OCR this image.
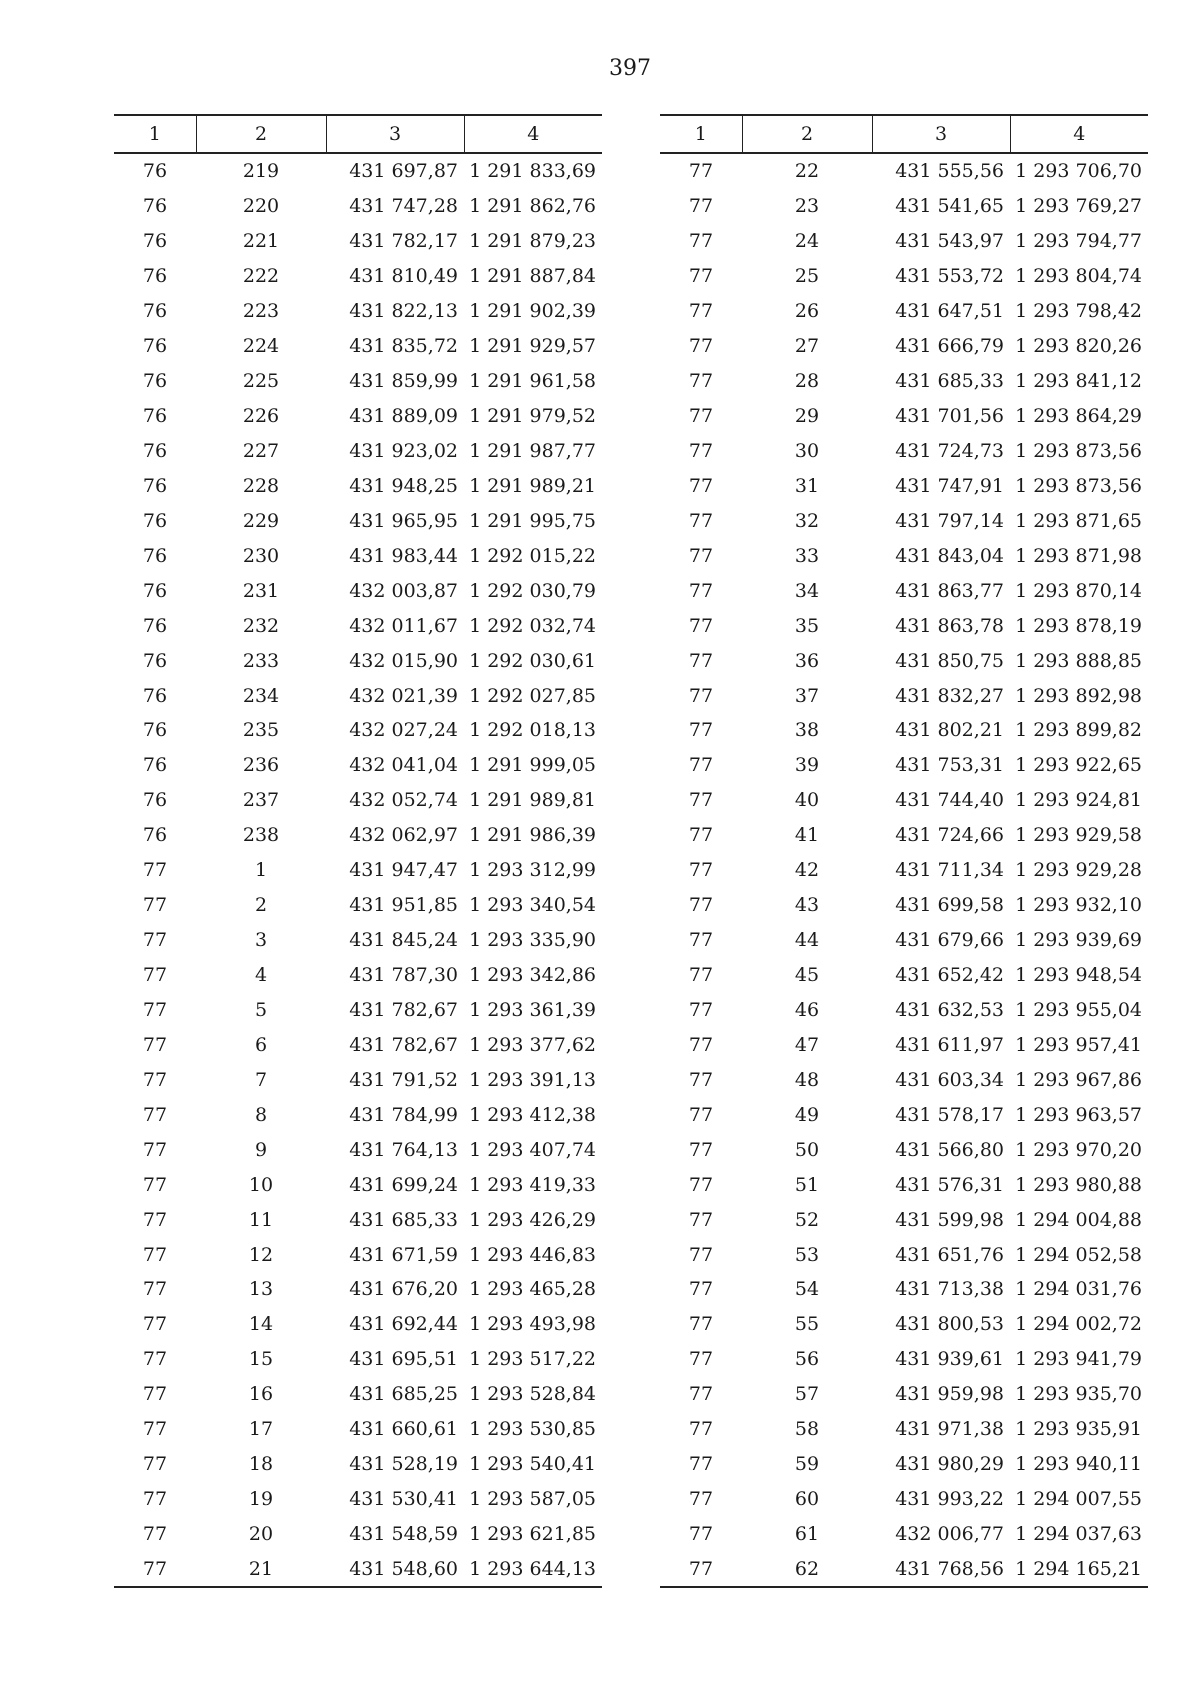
397
1	2	3	4
76	219	431 697,87	1 291 833,69
76	220	431 747,28	1 291 862,76
76	221	431 782,17	1 291 879,23
76	222	431 810,49	1 291 887,84
76	223	431 822,13	1 291 902,39
76	224	431 835,72	1 291 929,57
76	225	431 859,99	1 291 961,58
76	226	431 889,09	1 291 979,52
76	227	431 923,02	1 291 987,77
76	228	431 948,25	1 291 989,21
76	229	431 965,95	1 291 995,75
76	230	431 983,44	1 292 015,22
76	231	432 003,87	1 292 030,79
76	232	432 011,67	1 292 032,74
76	233	432 015,90	1 292 030,61
76	234	432 021,39	1 292 027,85
76	235	432 027,24	1 292 018,13
76	236	432 041,04	1 291 999,05
76	237	432 052,74	1 291 989,81
76	238	432 062,97	1 291 986,39
77	1	431 947,47	1 293 312,99
77	2	431 951,85	1 293 340,54
77	3	431 845,24	1 293 335,90
77	4	431 787,30	1 293 342,86
77	5	431 782,67	1 293 361,39
77	6	431 782,67	1 293 377,62
77	7	431 791,52	1 293 391,13
77	8	431 784,99	1 293 412,38
77	9	431 764,13	1 293 407,74
77	10	431 699,24	1 293 419,33
77	11	431 685,33	1 293 426,29
77	12	431 671,59	1 293 446,83
77	13	431 676,20	1 293 465,28
77	14	431 692,44	1 293 493,98
77	15	431 695,51	1 293 517,22
77	16	431 685,25	1 293 528,84
77	17	431 660,61	1 293 530,85
77	18	431 528,19	1 293 540,41
77	19	431 530,41	1 293 587,05
77	20	431 548,59	1 293 621,85
77	21	431 548,60	1 293 644,13
1	2	3	4
77	22	431 555,56	1 293 706,70
77	23	431 541,65	1 293 769,27
77	24	431 543,97	1 293 794,77
77	25	431 553,72	1 293 804,74
77	26	431 647,51	1 293 798,42
77	27	431 666,79	1 293 820,26
77	28	431 685,33	1 293 841,12
77	29	431 701,56	1 293 864,29
77	30	431 724,73	1 293 873,56
77	31	431 747,91	1 293 873,56
77	32	431 797,14	1 293 871,65
77	33	431 843,04	1 293 871,98
77	34	431 863,77	1 293 870,14
77	35	431 863,78	1 293 878,19
77	36	431 850,75	1 293 888,85
77	37	431 832,27	1 293 892,98
77	38	431 802,21	1 293 899,82
77	39	431 753,31	1 293 922,65
77	40	431 744,40	1 293 924,81
77	41	431 724,66	1 293 929,58
77	42	431 711,34	1 293 929,28
77	43	431 699,58	1 293 932,10
77	44	431 679,66	1 293 939,69
77	45	431 652,42	1 293 948,54
77	46	431 632,53	1 293 955,04
77	47	431 611,97	1 293 957,41
77	48	431 603,34	1 293 967,86
77	49	431 578,17	1 293 963,57
77	50	431 566,80	1 293 970,20
77	51	431 576,31	1 293 980,88
77	52	431 599,98	1 294 004,88
77	53	431 651,76	1 294 052,58
77	54	431 713,38	1 294 031,76
77	55	431 800,53	1 294 002,72
77	56	431 939,61	1 293 941,79
77	57	431 959,98	1 293 935,70
77	58	431 971,38	1 293 935,91
77	59	431 980,29	1 293 940,11
77	60	431 993,22	1 294 007,55
77	61	432 006,77	1 294 037,63
77	62	431 768,56	1 294 165,21
